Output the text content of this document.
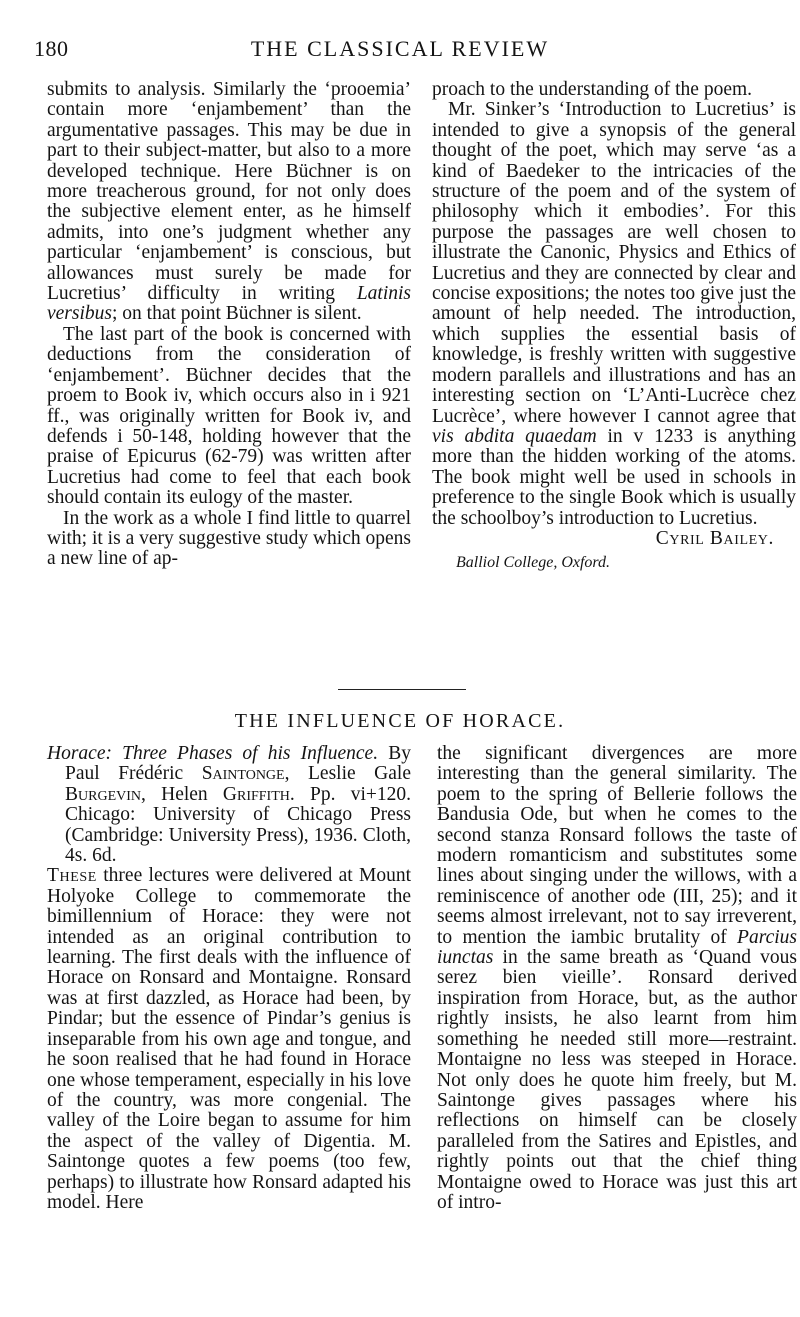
180	THE CLASSICAL REVIEW

submits to analysis. Similarly the ‘prooemia’ contain more ‘enjambement’ than the argumentative passages. This may be due in part to their subject-matter, but also to a more developed technique. Here Büchner is on more treacherous ground, for not only does the subjective element enter, as he himself admits, into one’s judgment whether any particular ‘enjambement’ is conscious, but allowances must surely be made for Lucretius’ difficulty in writing Latinis versibus; on that point Büchner is silent.

The last part of the book is concerned with deductions from the consideration of ‘enjambement’. Büchner decides that the proem to Book iv, which occurs also in i 921 ff., was originally written for Book iv, and defends i 50-148, holding however that the praise of Epicurus (62-79) was written after Lucretius had come to feel that each book should contain its eulogy of the master.

In the work as a whole I find little to quarrel with; it is a very suggestive study which opens a new line of ap-

proach to the understanding of the poem.

Mr. Sinker’s ‘Introduction to Lucretius’ is intended to give a synopsis of the general thought of the poet, which may serve ‘as a kind of Baedeker to the intricacies of the structure of the poem and of the system of philosophy which it embodies’. For this purpose the passages are well chosen to illustrate the Canonic, Physics and Ethics of Lucretius and they are connected by clear and concise expositions; the notes too give just the amount of help needed. The introduction, which supplies the essential basis of knowledge, is freshly written with suggestive modern parallels and illustrations and has an interesting section on ‘L’Anti-Lucrèce chez Lucrèce’, where however I cannot agree that vis abdita quaedam in v 1233 is anything more than the hidden working of the atoms. The book might well be used in schools in preference to the single Book which is usually the schoolboy’s introduction to Lucretius.

Cyril Bailey.
Balliol College, Oxford.
THE INFLUENCE OF HORACE.

Horace: Three Phases of his Influence. By Paul Frédéric Saintonge, Leslie Gale Burgevin, Helen Griffith. Pp. vi+120. Chicago: University of Chicago Press (Cambridge: University Press), 1936. Cloth, 4s. 6d.

These three lectures were delivered at Mount Holyoke College to commemorate the bimillennium of Horace: they were not intended as an original contribution to learning. The first deals with the influence of Horace on Ronsard and Montaigne. Ronsard was at first dazzled, as Horace had been, by Pindar; but the essence of Pindar’s genius is inseparable from his own age and tongue, and he soon realised that he had found in Horace one whose temperament, especially in his love of the country, was more congenial. The valley of the Loire began to assume for him the aspect of the valley of Digentia. M. Saintonge quotes a few poems (too few, perhaps) to illustrate how Ronsard adapted his model. Here

the significant divergences are more interesting than the general similarity. The poem to the spring of Bellerie follows the Bandusia Ode, but when he comes to the second stanza Ronsard follows the taste of modern romanticism and substitutes some lines about singing under the willows, with a reminiscence of another ode (III, 25); and it seems almost irrelevant, not to say irreverent, to mention the iambic brutality of Parcius iunctas in the same breath as ‘Quand vous serez bien vieille’. Ronsard derived inspiration from Horace, but, as the author rightly insists, he also learnt from him something he needed still more—restraint. Montaigne no less was steeped in Horace. Not only does he quote him freely, but M. Saintonge gives passages where his reflections on himself can be closely paralleled from the Satires and Epistles, and rightly points out that the chief thing Montaigne owed to Horace was just this art of intro-
